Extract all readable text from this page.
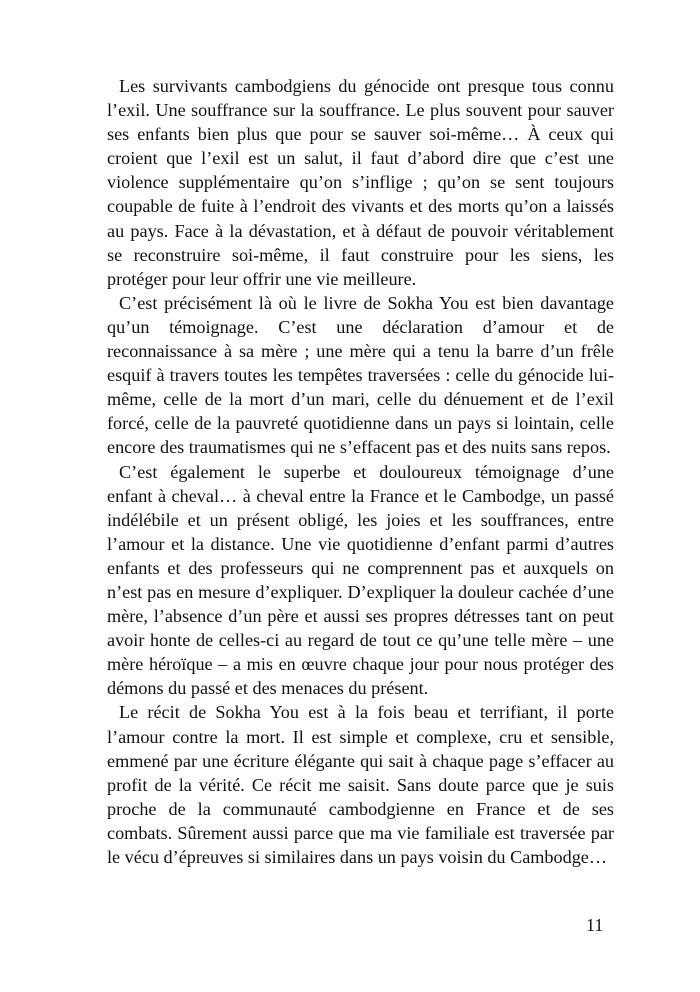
Les survivants cambodgiens du génocide ont presque tous connu
l’exil. Une souffrance sur la souffrance. Le plus souvent pour sauver
ses enfants bien plus que pour se sauver soi-même… À ceux qui
croient que l’exil est un salut, il faut d’abord dire que c’est une
violence supplémentaire qu’on s’inflige ; qu’on se sent toujours
coupable de fuite à l’endroit des vivants et des morts qu’on a laissés
au pays. Face à la dévastation, et à défaut de pouvoir véritablement
se reconstruire soi-même, il faut construire pour les siens, les
protéger pour leur offrir une vie meilleure.
C’est précisément là où le livre de Sokha You est bien davantage
qu’un témoignage. C’est une déclaration d’amour et de
reconnaissance à sa mère ; une mère qui a tenu la barre d’un frêle
esquif à travers toutes les tempêtes traversées : celle du génocide lui-
même, celle de la mort d’un mari, celle du dénuement et de l’exil
forcé, celle de la pauvreté quotidienne dans un pays si lointain, celle
encore des traumatismes qui ne s’effacent pas et des nuits sans repos.
C’est également le superbe et douloureux témoignage d’une
enfant à cheval… à cheval entre la France et le Cambodge, un passé
indélébile et un présent obligé, les joies et les souffrances, entre
l’amour et la distance. Une vie quotidienne d’enfant parmi d’autres
enfants et des professeurs qui ne comprennent pas et auxquels on
n’est pas en mesure d’expliquer. D’expliquer la douleur cachée d’une
mère, l’absence d’un père et aussi ses propres détresses tant on peut
avoir honte de celles-ci au regard de tout ce qu’une telle mère – une
mère héroïque – a mis en œuvre chaque jour pour nous protéger des
démons du passé et des menaces du présent.
Le récit de Sokha You est à la fois beau et terrifiant, il porte
l’amour contre la mort. Il est simple et complexe, cru et sensible,
emmené par une écriture élégante qui sait à chaque page s’effacer au
profit de la vérité. Ce récit me saisit. Sans doute parce que je suis
proche de la communauté cambodgienne en France et de ses
combats. Sûrement aussi parce que ma vie familiale est traversée par
le vécu d’épreuves si similaires dans un pays voisin du Cambodge…
11
